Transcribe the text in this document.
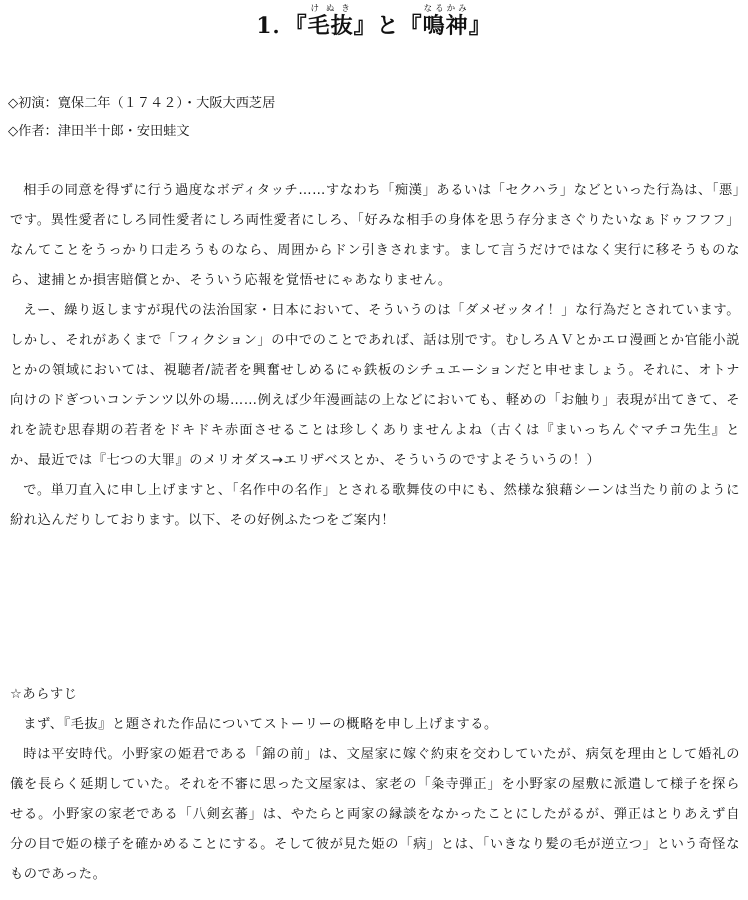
1．『毛抜けぬき』と『鳴神なるかみ』
◇初演：寛保二年（１７４２）・大阪大西芝居
◇作者：津田半十郎・安田蛙文

相手の同意を得ずに行う過度なボディタッチ……すなわち「痴漢」あるいは「セクハラ」などといった行為は、「悪」です。異性愛者にしろ同性愛者にしろ両性愛者にしろ、「好みな相手の身体を思う存分まさぐりたいなぁドゥフフフ」なんてことをうっかり口走ろうものなら、周囲からドン引きされます。まして言うだけではなく実行に移そうものなら、逮捕とか損害賠償とか、そういう応報を覚悟せにゃあなりません。

えー、繰り返しますが現代の法治国家・日本において、そういうのは「ダメゼッタイ！」な行為だとされています。しかし、それがあくまで「フィクション」の中でのことであれば、話は別です。むしろＡＶとかエロ漫画とか官能小説とかの領域においては、視聴者/読者を興奮せしめるにゃ鉄板のシチュエーションだと申せましょう。それに、オトナ向けのドぎついコンテンツ以外の場……例えば少年漫画誌の上などにおいても、軽めの「お触り」表現が出てきて、それを読む思春期の若者をドキドキ赤面させることは珍しくありませんよね（古くは『まいっちんぐマチコ先生』とか、最近では『七つの大罪』のメリオダス→エリザベスとか、そういうのですよそういうの！）

で。単刀直入に申し上げますと、「名作中の名作」とされる歌舞伎の中にも、然様な狼藉シーンは当たり前のように紛れ込んだりしております。以下、その好例ふたつをご案内！

☆あらすじ

まず、『毛抜』と題された作品についてストーリーの概略を申し上げまする。

時は平安時代。小野家の姫君である「錦の前」は、文屋家に嫁ぐ約束を交わしていたが、病気を理由として婚礼の儀を長らく延期していた。それを不審に思った文屋家は、家老の「粂寺弾正」を小野家の屋敷に派遣して様子を探らせる。小野家の家老である「八剣玄蕃」は、やたらと両家の縁談をなかったことにしたがるが、弾正はとりあえず自分の目で姫の様子を確かめることにする。そして彼が見た姫の「病」とは、「いきなり髪の毛が逆立つ」という奇怪なものであった。
